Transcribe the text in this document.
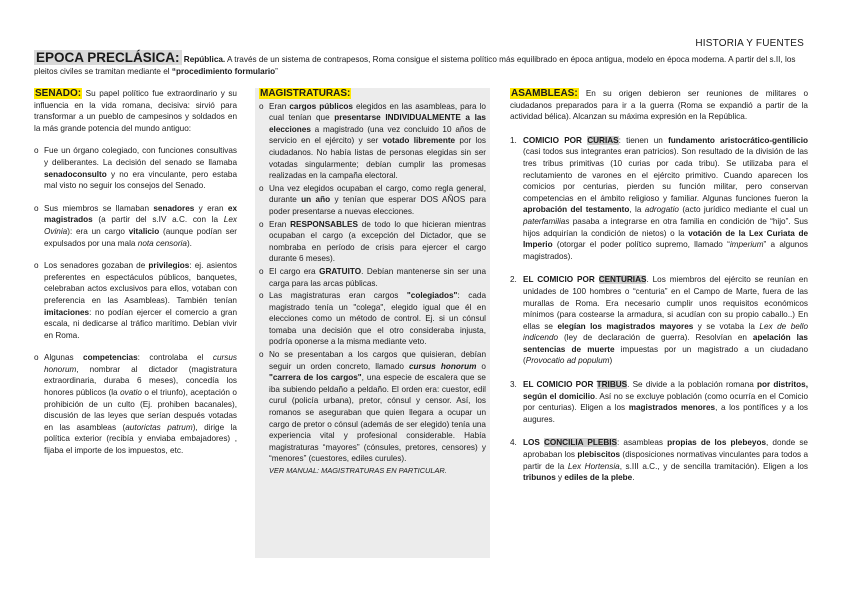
HISTORIA Y FUENTES
EPOCA PRECLÁSICA: República. A través de un sistema de contrapesos, Roma consigue el sistema político más equilibrado en época antigua, modelo en época moderna. A partir del s.II, los pleitos civiles se tramitan mediante el “procedimiento formulario”

SENADO: Su papel político fue extraordinario y su influencia en la vida romana, decisiva: sirvió para transformar a un pueblo de campesinos y soldados en la más grande potencia del mundo antiguo:

o Fue un órgano colegiado, con funciones consultivas y deliberantes. La decisión del senado se llamaba senadoconsulto y no era vinculante, pero estaba mal visto no seguir los consejos del Senado.
o Sus miembros se llamaban senadores y eran ex magistrados (a partir del s.IV a.C. con la Lex Ovinia): era un cargo vitalicio (aunque podían ser expulsados por una mala nota censoria).
o Los senadores gozaban de privilegios: ej. asientos preferentes en espectáculos públicos, banquetes, celebraban actos exclusivos para ellos, votaban con preferencia en las Asambleas). También tenían imitaciones: no podían ejercer el comercio a gran escala, ni dedicarse al tráfico marítimo. Debían vivir en Roma.
o Algunas competencias: controlaba el cursus honorum, nombrar al dictador (magistratura extraordinaria, duraba 6 meses), concedía los honores públicos (la ovatio o el triunfo), aceptación o prohibición de un culto (Ej. prohiben bacanales), discusión de las leyes que serían después votadas en las asambleas (autorictas patrum), dirige la política exterior (recibía y enviaba embajadores) , fijaba el importe de los impuestos, etc.

MAGISTRATURAS:

o Eran cargos públicos elegidos en las asambleas, para lo cual tenían que presentarse INDIVIDUALMENTE a las elecciones a magistrado (una vez concluido 10 años de servicio en el ejército) y ser votado libremente por los ciudadanos. No había listas de personas elegidas sin ser votadas singularmente; debían cumplir las promesas realizadas en la campaña electoral.
o Una vez elegidos ocupaban el cargo, como regla general, durante un año y tenían que esperar DOS AÑOS para poder presentarse a nuevas elecciones.
o Eran RESPONSABLES de todo lo que hicieran mientras ocupaban el cargo (a excepción del Dictador, que se nombraba en período de crisis para ejercer el cargo durante 6 meses).
o El cargo era GRATUITO. Debían mantenerse sin ser una carga para las arcas públicas.
o Las magistraturas eran cargos "colegiados": cada magistrado tenía un "colega", elegido igual que él en elecciones como un método de control. Ej. si un cónsul tomaba una decisión que el otro consideraba injusta, podría oponerse a la misma mediante veto.
o No se presentaban a los cargos que quisieran, debían seguir un orden concreto, llamado cursus honorum o "carrera de los cargos", una especie de escalera que se iba subiendo peldaño a peldaño. El orden era: cuestor, edil curul (policía urbana), pretor, cónsul y censor. Así, los romanos se aseguraban que quien llegara a ocupar un cargo de pretor o cónsul (además de ser elegido) tenía una experiencia vital y profesional considerable. Había magistraturas “mayores” (cónsules, pretores, censores) y “menores” (cuestores, ediles curules).

VER MANUAL: MAGISTRATURAS EN PARTICULAR.

ASAMBLEAS: En su origen debieron ser reuniones de militares o ciudadanos preparados para ir a la guerra (Roma se expandió a partir de la actividad bélica). Alcanzan su máxima expresión en la República.

1. COMICIO POR CURIAS: tienen un fundamento aristocrático-gentilicio (casi todos sus integrantes eran patricios). Son resultado de la división de las tres tribus primitivas (10 curias por cada tribu). Se utilizaba para el reclutamiento de varones en el ejército primitivo. Cuando aparecen los comicios por centurias, pierden su función militar, pero conservan competencias en el ámbito religioso y familiar. Algunas funciones fueron la aprobación del testamento, la adrogatio (acto jurídico mediante el cual un paterfamilias pasaba a integrarse en otra familia en condición de “hijo”. Sus hijos adquirían la condición de nietos) o la votación de la Lex Curiata de Imperio (otorgar el poder político supremo, llamado “imperium” a algunos magistrados).
2. EL COMICIO POR CENTURIAS. Los miembros del ejército se reunían en unidades de 100 hombres o “centuria” en el Campo de Marte, fuera de las murallas de Roma. Era necesario cumplir unos requisitos económicos mínimos (para costearse la armadura, si acudían con su propio caballo..) En ellas se elegían los magistrados mayores y se votaba la Lex de bello indicendo (ley de declaración de guerra). Resolvían en apelación las sentencias de muerte impuestas por un magistrado a un ciudadano (Provocatio ad populum)
3. EL COMICIO POR TRIBUS. Se divide a la población romana por distritos, según el domicilio. Así no se excluye población (como ocurría en el Comicio por centurias). Eligen a los magistrados menores, a los pontífices y a los augures.
4. LOS CONCILIA PLEBIS: asambleas propias de los plebeyos, donde se aprobaban los plebiscitos (disposiciones normativas vinculantes para todos a partir de la Lex Hortensia, s.III a.C., y de sencilla tramitación). Eligen a los tribunos y ediles de la plebe.
